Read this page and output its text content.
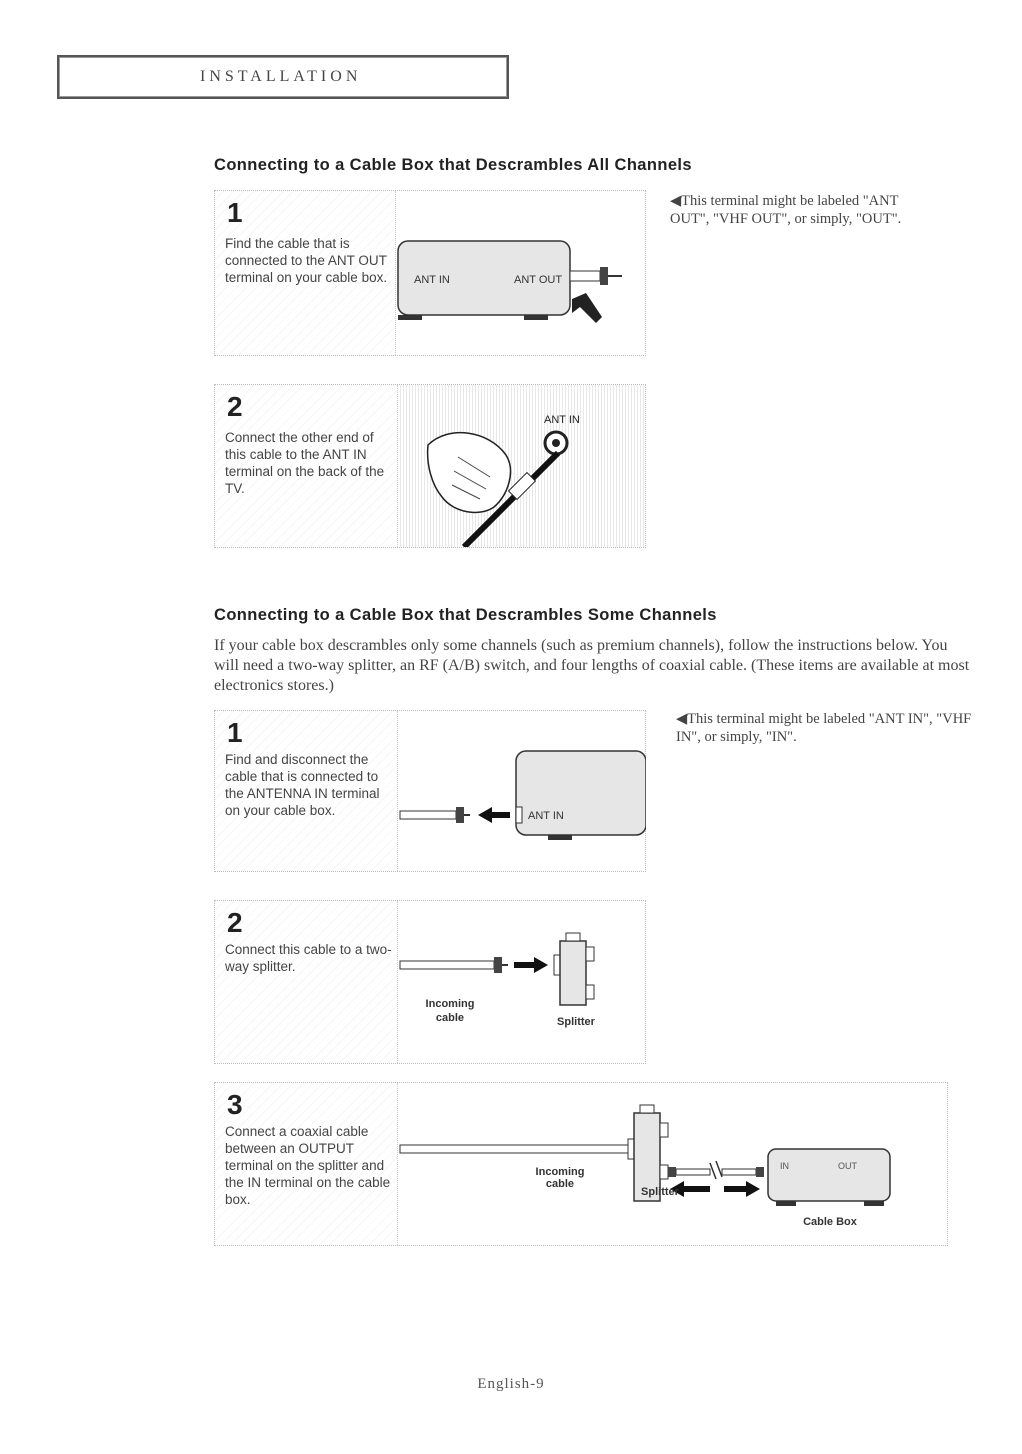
INSTALLATION
Connecting to a Cable Box that Descrambles All Channels
◀This terminal might be labeled "ANT OUT", "VHF OUT", or simply, "OUT".
1
Find the cable that is connected to the ANT OUT terminal on your cable box. ANT IN	ANT OUT
2
Connect the other end of this cable to the ANT IN terminal on the back of the TV.
ANT IN
Connecting to a Cable Box that Descrambles Some Channels
If your cable box descrambles only some channels (such as premium channels), follow the instructions below. You will need a two-way splitter, an RF (A/B) switch, and four lengths of coaxial cable. (These items are available at most electronics stores.)
◀This terminal might be labeled "ANT IN", "VHF IN", or simply, "IN".
1
Find and disconnect the cable that is connected to the ANTENNA IN terminal on your cable box.	ANT IN
2
Connect this cable to a two-way splitter.
Incoming
cable	Splitter
3
Connect a coaxial cable between an OUTPUT terminal on the splitter and the IN terminal on the cable box.
IN	OUT
Incoming
cable
Splitter
Cable Box
English-9
